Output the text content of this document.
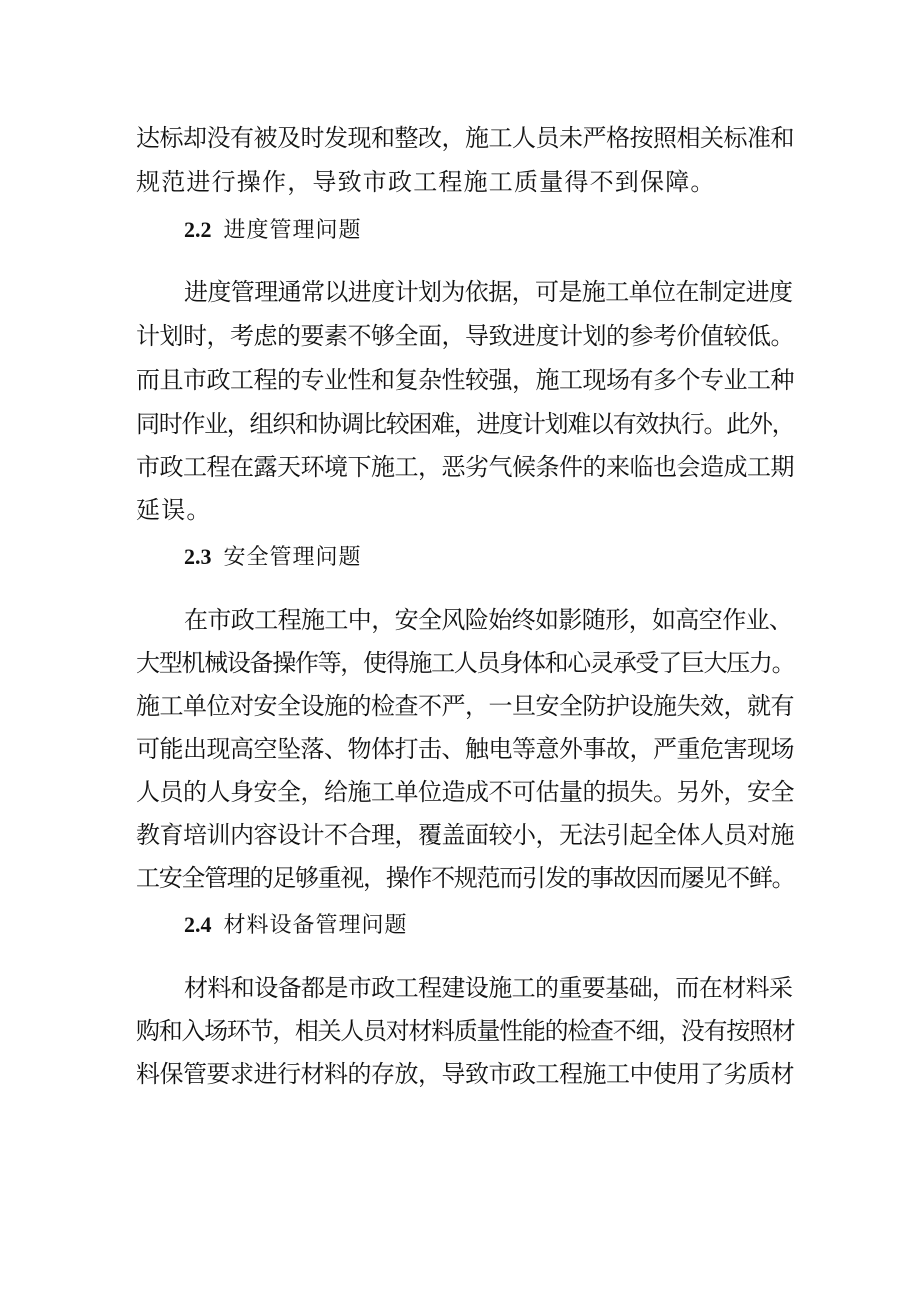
达标却没有被及时发现和整改，施工人员未严格按照相关标准和
规范进行操作，导致市政工程施工质量得不到保障。
2.2 进度管理问题
进度管理通常以进度计划为依据，可是施工单位在制定进度
计划时，考虑的要素不够全面，导致进度计划的参考价值较低。
而且市政工程的专业性和复杂性较强，施工现场有多个专业工种
同时作业，组织和协调比较困难，进度计划难以有效执行。此外，
市政工程在露天环境下施工，恶劣气候条件的来临也会造成工期
延误。
2.3 安全管理问题
在市政工程施工中，安全风险始终如影随形，如高空作业、
大型机械设备操作等，使得施工人员身体和心灵承受了巨大压力。
施工单位对安全设施的检查不严，一旦安全防护设施失效，就有
可能出现高空坠落、物体打击、触电等意外事故，严重危害现场
人员的人身安全，给施工单位造成不可估量的损失。另外，安全
教育培训内容设计不合理，覆盖面较小，无法引起全体人员对施
工安全管理的足够重视，操作不规范而引发的事故因而屡见不鲜。
2.4 材料设备管理问题
材料和设备都是市政工程建设施工的重要基础，而在材料采
购和入场环节，相关人员对材料质量性能的检查不细，没有按照材
料保管要求进行材料的存放，导致市政工程施工中使用了劣质材
